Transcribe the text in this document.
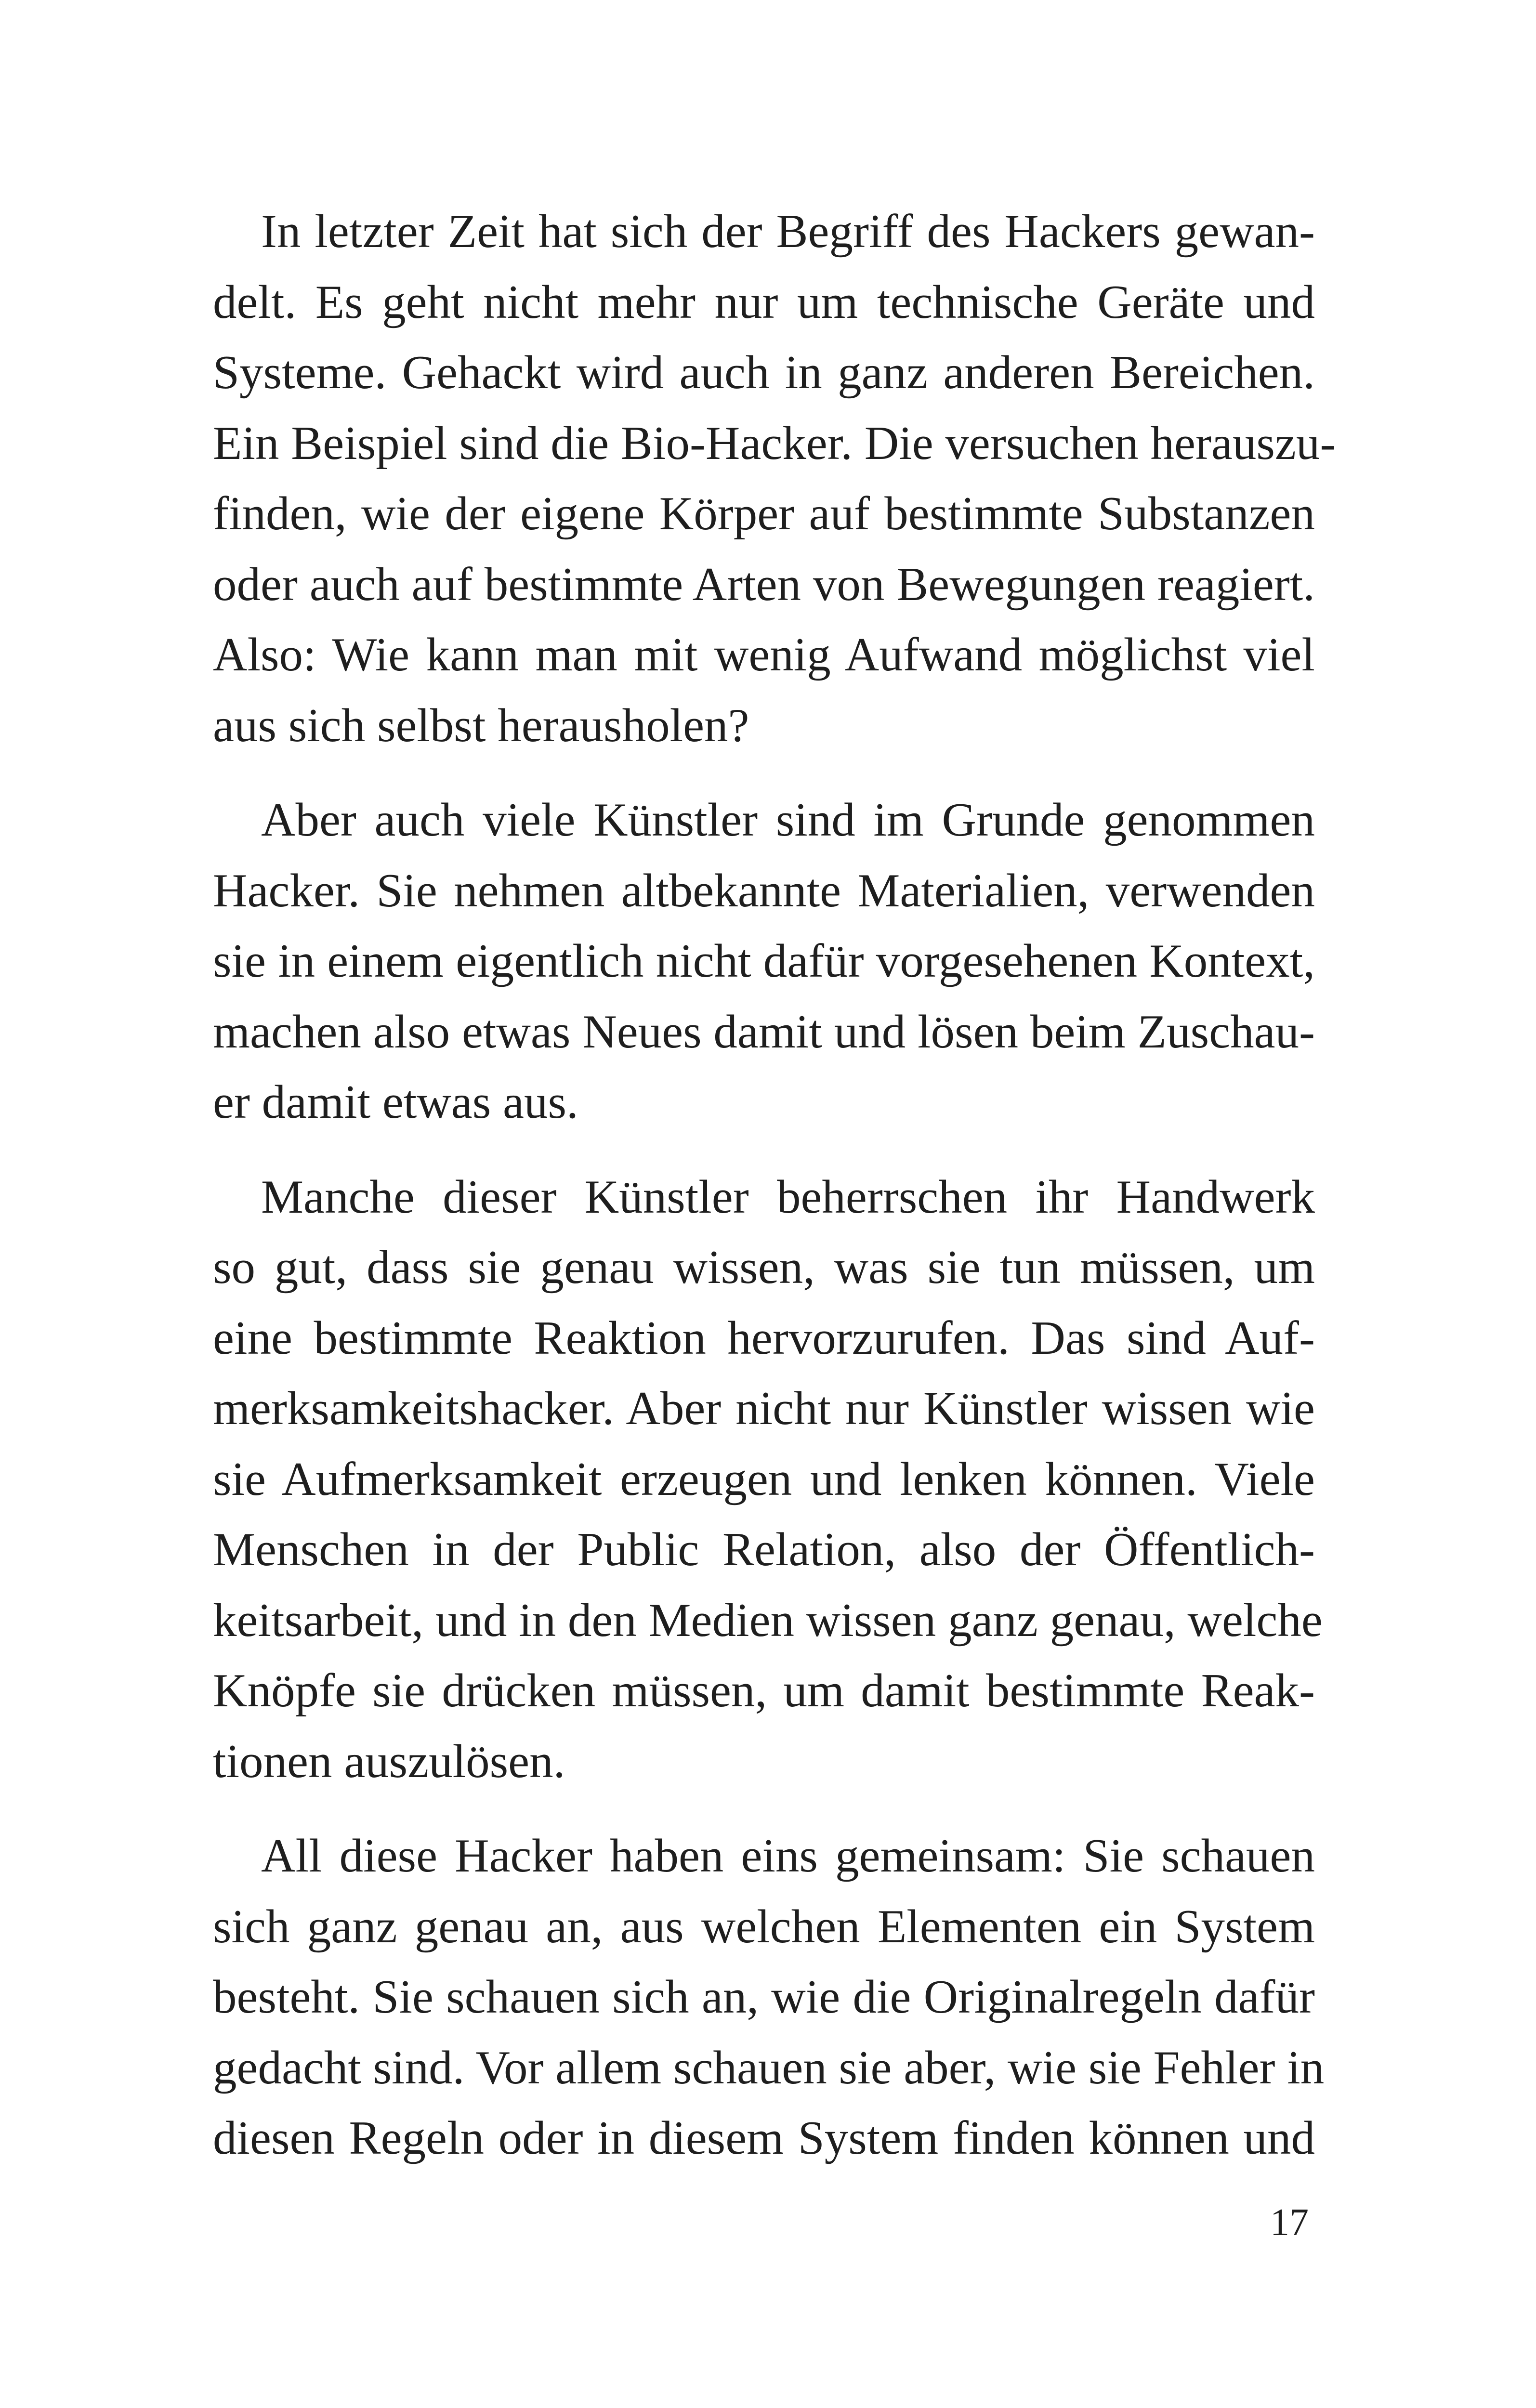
In letzter Zeit hat sich der Begriff des Hackers gewan-
delt. Es geht nicht mehr nur um technische Geräte und
Systeme. Gehackt wird auch in ganz anderen Bereichen.
Ein Beispiel sind die Bio-Hacker. Die versuchen herauszu-
finden, wie der eigene Körper auf bestimmte Substanzen
oder auch auf bestimmte Arten von Bewegungen reagiert.
Also: Wie kann man mit wenig Aufwand möglichst viel
aus sich selbst herausholen?
Aber auch viele Künstler sind im Grunde genommen
Hacker. Sie nehmen altbekannte Materialien, verwenden
sie in einem eigentlich nicht dafür vorgesehenen Kontext,
machen also etwas Neues damit und lösen beim Zuschau-
er damit etwas aus.
Manche dieser Künstler beherrschen ihr Handwerk
so gut, dass sie genau wissen, was sie tun müssen, um
eine bestimmte Reaktion hervorzurufen. Das sind Auf-
merksamkeitshacker. Aber nicht nur Künstler wissen wie
sie Aufmerksamkeit erzeugen und lenken können. Viele
Menschen in der Public Relation, also der Öffentlich-
keitsarbeit, und in den Medien wissen ganz genau, welche
Knöpfe sie drücken müssen, um damit bestimmte Reak-
tionen auszulösen.
All diese Hacker haben eins gemeinsam: Sie schauen
sich ganz genau an, aus welchen Elementen ein System
besteht. Sie schauen sich an, wie die Originalregeln dafür
gedacht sind. Vor allem schauen sie aber, wie sie Fehler in
diesen Regeln oder in diesem System finden können und
17
